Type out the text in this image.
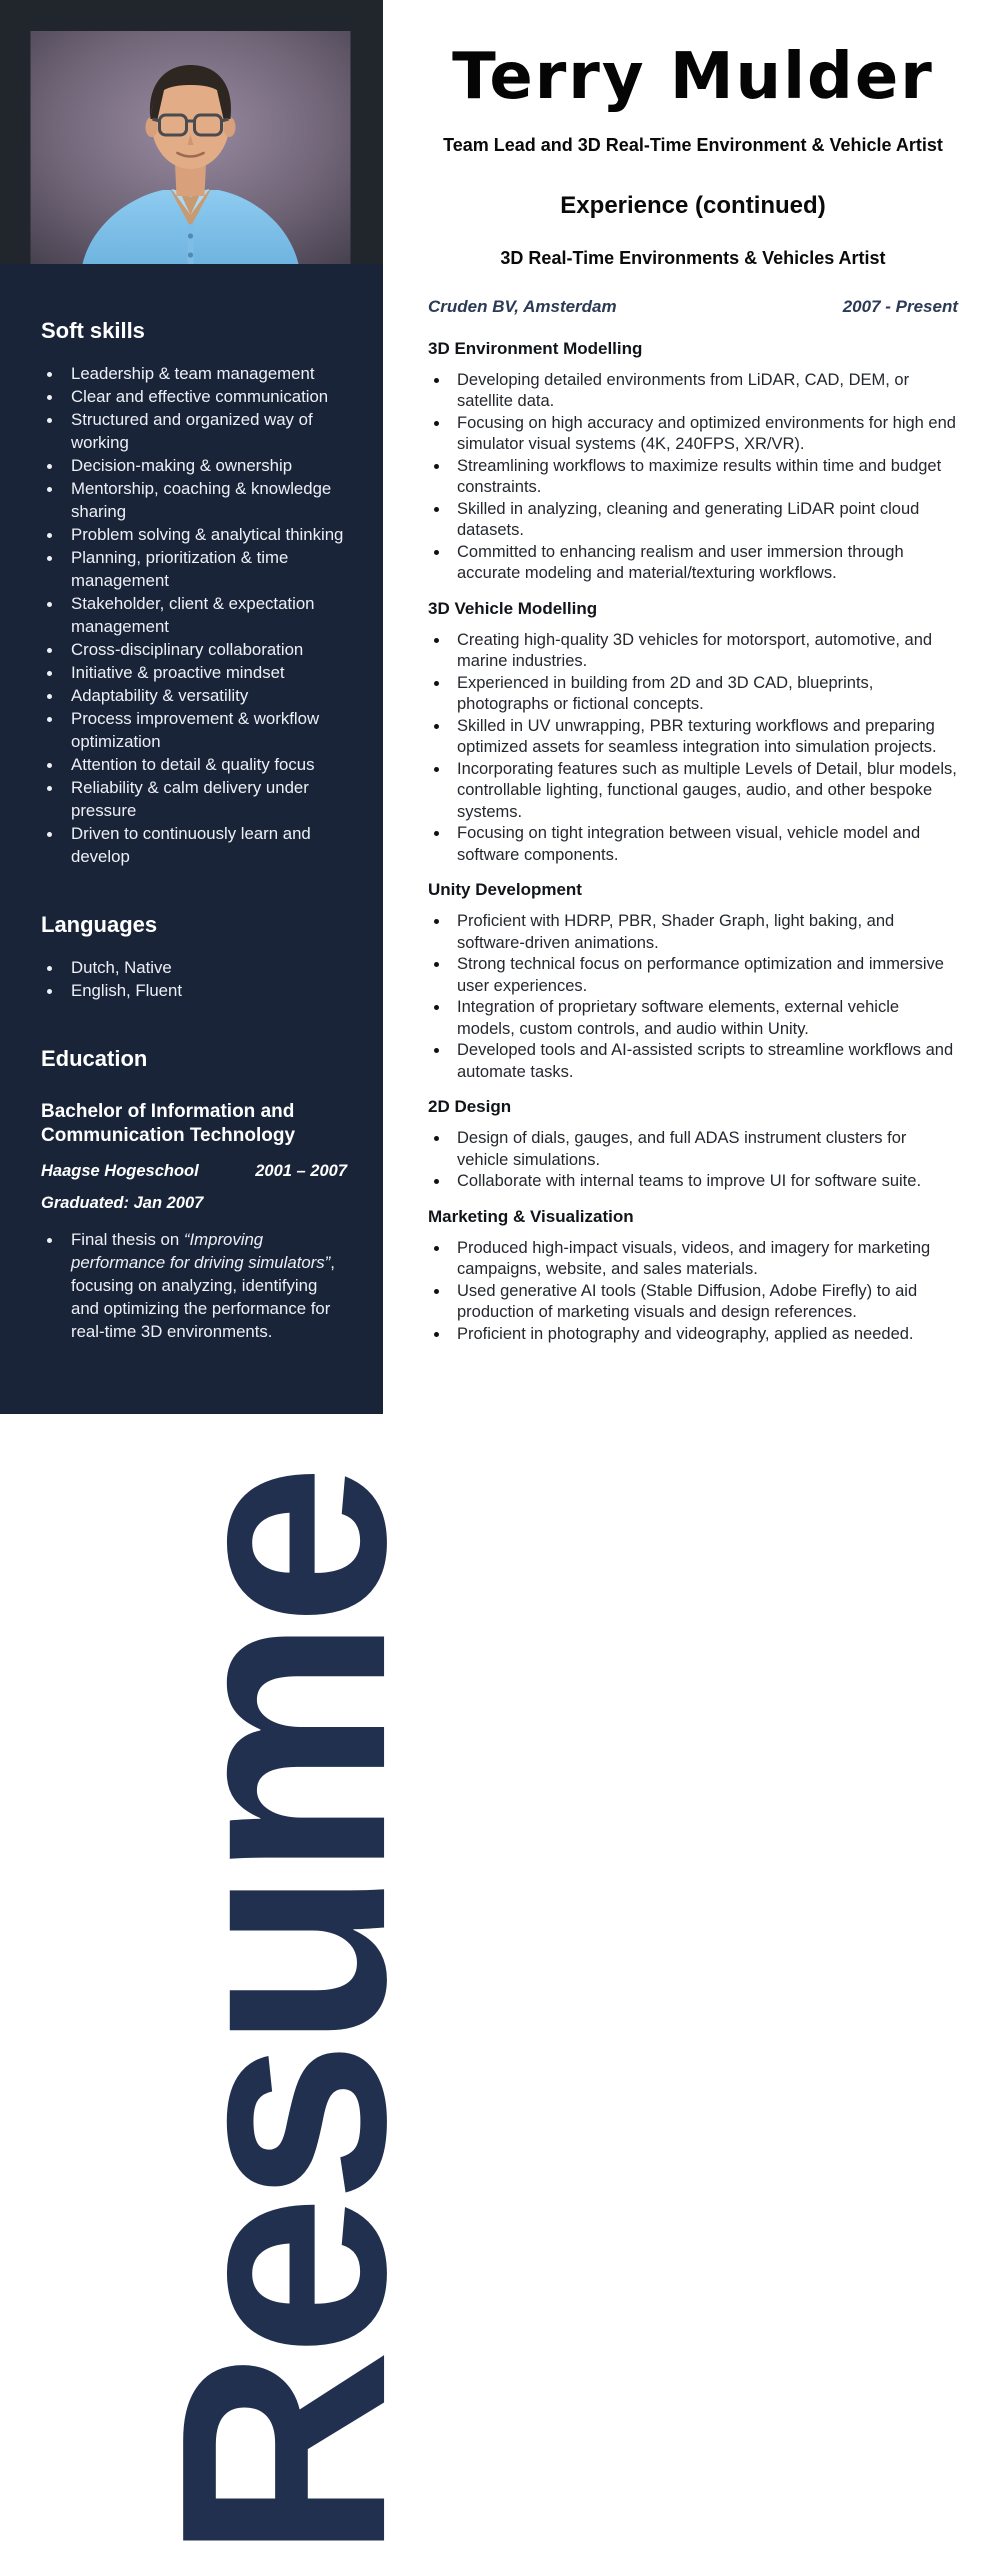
Resume
Soft skills
Leadership & team management
Clear and effective communication
Structured and organized way of working
Decision-making & ownership
Mentorship, coaching & knowledge sharing
Problem solving & analytical thinking
Planning, prioritization & time management
Stakeholder, client & expectation management
Cross-disciplinary collaboration
Initiative & proactive mindset
Adaptability & versatility
Process improvement & workflow optimization
Attention to detail & quality focus
Reliability & calm delivery under pressure
Driven to continuously learn and develop
Languages
Dutch, Native
English, Fluent
Education
Bachelor of Information and Communication Technology
Haagse Hogeschool	2001 – 2007
Graduated: Jan 2007
Final thesis on “Improving performance for driving simulators”, focusing on analyzing, identifying and optimizing the performance for real-time 3D environments.
Terry Mulder
Team Lead and 3D Real-Time Environment & Vehicle Artist
Experience (continued)
3D Real-Time Environments & Vehicles Artist
Cruden BV, Amsterdam	2007 - Present
3D Environment Modelling
Developing detailed environments from LiDAR, CAD, DEM, or satellite data.
Focusing on high accuracy and optimized environments for high end simulator visual systems (4K, 240FPS, XR/VR).
Streamlining workflows to maximize results within time and budget constraints.
Skilled in analyzing, cleaning and generating LiDAR point cloud datasets.
Committed to enhancing realism and user immersion through accurate modeling and material/texturing workflows.
3D Vehicle Modelling
Creating high-quality 3D vehicles for motorsport, automotive, and marine industries.
Experienced in building from 2D and 3D CAD, blueprints, photographs or fictional concepts.
Skilled in UV unwrapping, PBR texturing workflows and preparing optimized assets for seamless integration into simulation projects.
Incorporating features such as multiple Levels of Detail, blur models, controllable lighting, functional gauges, audio, and other bespoke systems.
Focusing on tight integration between visual, vehicle model and software components.
Unity Development
Proficient with HDRP, PBR, Shader Graph, light baking, and software-driven animations.
Strong technical focus on performance optimization and immersive user experiences.
Integration of proprietary software elements, external vehicle models, custom controls, and audio within Unity.
Developed tools and AI-assisted scripts to streamline workflows and automate tasks.
2D Design
Design of dials, gauges, and full ADAS instrument clusters for vehicle simulations.
Collaborate with internal teams to improve UI for software suite.
Marketing & Visualization
Produced high-impact visuals, videos, and imagery for marketing campaigns, website, and sales materials.
Used generative AI tools (Stable Diffusion, Adobe Firefly) to aid production of marketing visuals and design references.
Proficient in photography and videography, applied as needed.
